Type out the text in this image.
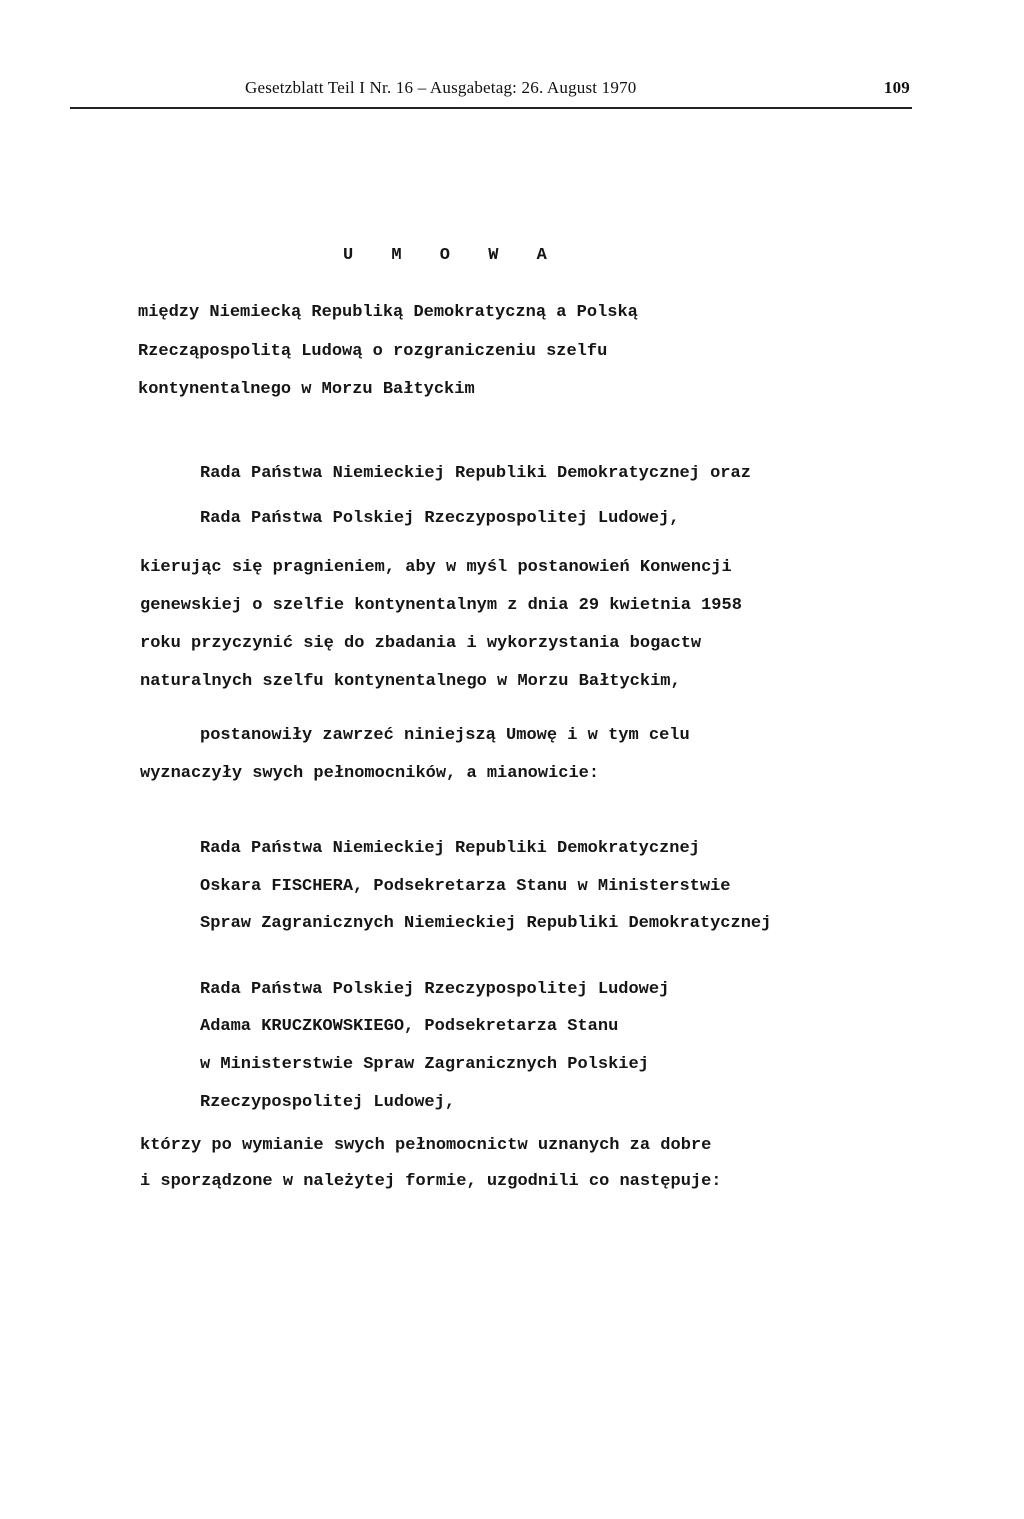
Gesetzblatt Teil I Nr. 16 – Ausgabetag: 26. August 1970	109
U M O W A
między Niemiecką Republiką Demokratyczną a Polską
Rzecząpospolitą Ludową o rozgraniczeniu szelfu
kontynentalnego w Morzu Bałtyckim
Rada Państwa Niemieckiej Republiki Demokratycznej oraz
Rada Państwa Polskiej Rzeczypospolitej Ludowej,
kierując się pragnieniem, aby w myśl postanowień Konwencji
genewskiej o szelfie kontynentalnym z dnia 29 kwietnia 1958
roku przyczynić się do zbadania i wykorzystania bogactw
naturalnych szelfu kontynentalnego w Morzu Bałtyckim,
postanowiły zawrzeć niniejszą Umowę i w tym celu
wyznaczyły swych pełnomocników, a mianowicie:
Rada Państwa Niemieckiej Republiki Demokratycznej
Oskara FISCHERA, Podsekretarza Stanu w Ministerstwie
Spraw Zagranicznych Niemieckiej Republiki Demokratycznej
Rada Państwa Polskiej Rzeczypospolitej Ludowej
Adama KRUCZKOWSKIEGO, Podsekretarza Stanu
w Ministerstwie Spraw Zagranicznych Polskiej
Rzeczypospolitej Ludowej,
którzy po wymianie swych pełnomocnictw uznanych za dobre
i sporządzone w należytej formie, uzgodnili co następuje:
